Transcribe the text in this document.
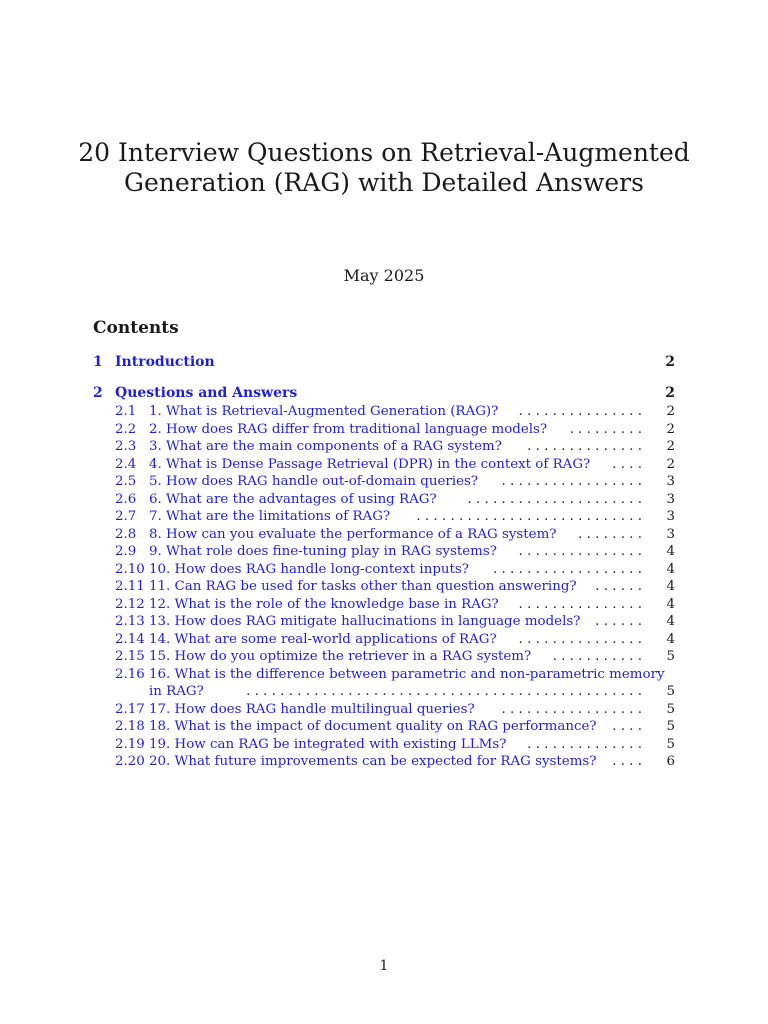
20 Interview Questions on Retrieval-Augmented
Generation (RAG) with Detailed Answers
May 2025
Contents
1 Introduction	2
2 Questions and Answers	2
2.1 1. What is Retrieval-Augmented Generation (RAG)? . . . . . . . . . . . . . . . 2
2.2 2. How does RAG differ from traditional language models? . . . . . . . . . 2
2.3 3. What are the main components of a RAG system? . . . . . . . . . . . . . . 2
2.4 4. What is Dense Passage Retrieval (DPR) in the context of RAG? . . . . 2
2.5 5. How does RAG handle out-of-domain queries? . . . . . . . . . . . . . . . . . 3
2.6 6. What are the advantages of using RAG? . . . . . . . . . . . . . . . . . . . . . 3
2.7 7. What are the limitations of RAG? . . . . . . . . . . . . . . . . . . . . . . . . . . . 3
2.8 8. How can you evaluate the performance of a RAG system? . . . . . . . . 3
2.9 9. What role does fine-tuning play in RAG systems? . . . . . . . . . . . . . . . 4
2.10 10. How does RAG handle long-context inputs? . . . . . . . . . . . . . . . . . . 4
2.11 11. Can RAG be used for tasks other than question answering? . . . . . . 4
2.12 12. What is the role of the knowledge base in RAG? . . . . . . . . . . . . . . . 4
2.13 13. How does RAG mitigate hallucinations in language models? . . . . . . 4
2.14 14. What are some real-world applications of RAG? . . . . . . . . . . . . . . . 4
2.15 15. How do you optimize the retriever in a RAG system? . . . . . . . . . . . 5
2.16 16. What is the difference between parametric and non-parametric memory
in RAG?	. . . . . . . . . . . . . . . . . . . . . . . . . . . . . . . . . . . . . . . . . . . . . . . 5
2.17 17. How does RAG handle multilingual queries? . . . . . . . . . . . . . . . . . 5
2.18 18. What is the impact of document quality on RAG performance? . . . . 5
2.19 19. How can RAG be integrated with existing LLMs? . . . . . . . . . . . . . . 5
2.20 20. What future improvements can be expected for RAG systems? . . . . 6
1
